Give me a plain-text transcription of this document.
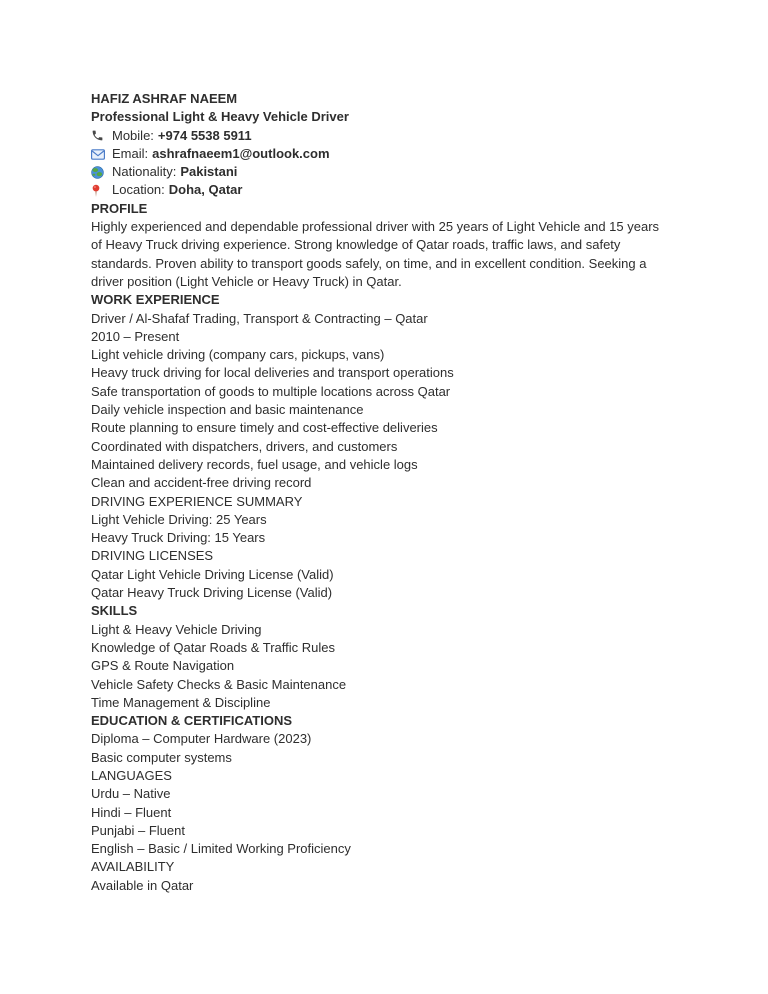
HAFIZ ASHRAF NAEEM
Professional Light & Heavy Vehicle Driver
Mobile: +974 5538 5911
Email: ashrafnaeem1@outlook.com
Nationality: Pakistani
Location: Doha, Qatar
PROFILE
Highly experienced and dependable professional driver with 25 years of Light Vehicle and 15 years of Heavy Truck driving experience. Strong knowledge of Qatar roads, traffic laws, and safety standards. Proven ability to transport goods safely, on time, and in excellent condition. Seeking a driver position (Light Vehicle or Heavy Truck) in Qatar.
WORK EXPERIENCE
Driver / Al-Shafaf Trading, Transport & Contracting – Qatar
2010 – Present
Light vehicle driving (company cars, pickups, vans)
Heavy truck driving for local deliveries and transport operations
Safe transportation of goods to multiple locations across Qatar
Daily vehicle inspection and basic maintenance
Route planning to ensure timely and cost-effective deliveries
Coordinated with dispatchers, drivers, and customers
Maintained delivery records, fuel usage, and vehicle logs
Clean and accident-free driving record
DRIVING EXPERIENCE SUMMARY
Light Vehicle Driving: 25 Years
Heavy Truck Driving: 15 Years
DRIVING LICENSES
Qatar Light Vehicle Driving License (Valid)
Qatar Heavy Truck Driving License (Valid)
SKILLS
Light & Heavy Vehicle Driving
Knowledge of Qatar Roads & Traffic Rules
GPS & Route Navigation
Vehicle Safety Checks & Basic Maintenance
Time Management & Discipline
EDUCATION & CERTIFICATIONS
Diploma – Computer Hardware (2023)
Basic computer systems
LANGUAGES
Urdu – Native
Hindi – Fluent
Punjabi – Fluent
English – Basic / Limited Working Proficiency
AVAILABILITY
Available in Qatar
